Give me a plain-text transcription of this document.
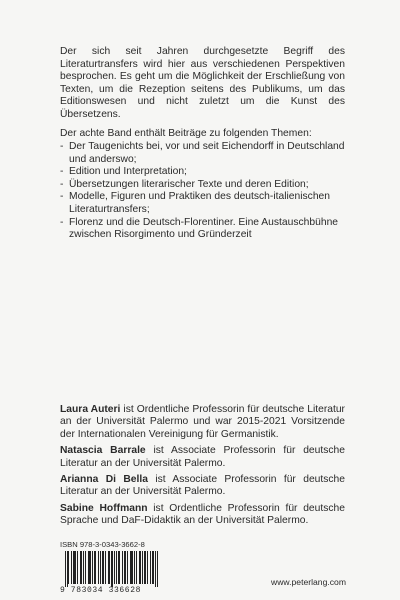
Der sich seit Jahren durchgesetzte Begriff des Literaturtransfers wird hier aus verschiedenen Perspektiven besprochen. Es geht um die Möglichkeit der Erschließung von Texten, um die Rezeption seitens des Publikums, um das Editionswesen und nicht zuletzt um die Kunst des Übersetzens.

Der achte Band enthält Beiträge zu folgenden Themen:
- Der Taugenichts bei, vor und seit Eichendorff in Deutschland und anderswo;
- Edition und Interpretation;
- Übersetzungen literarischer Texte und deren Edition;
- Modelle, Figuren und Praktiken des deutsch-italienischen Literaturtransfers;
- Florenz und die Deutsch-Florentiner. Eine Austauschbühne zwischen Risorgimento und Gründerzeit
Laura Auteri ist Ordentliche Professorin für deutsche Literatur an der Universität Palermo und war 2015-2021 Vorsitzende der Internationalen Vereinigung für Germanistik.
Natascia Barrale ist Associate Professorin für deutsche Literatur an der Universität Palermo.
Arianna Di Bella ist Associate Professorin für deutsche Literatur an der Universität Palermo.
Sabine Hoffmann ist Ordentliche Professorin für deutsche Sprache und DaF-Didaktik an der Universität Palermo.
ISBN 978-3-0343-3662-8
9 783034 336628
www.peterlang.com
